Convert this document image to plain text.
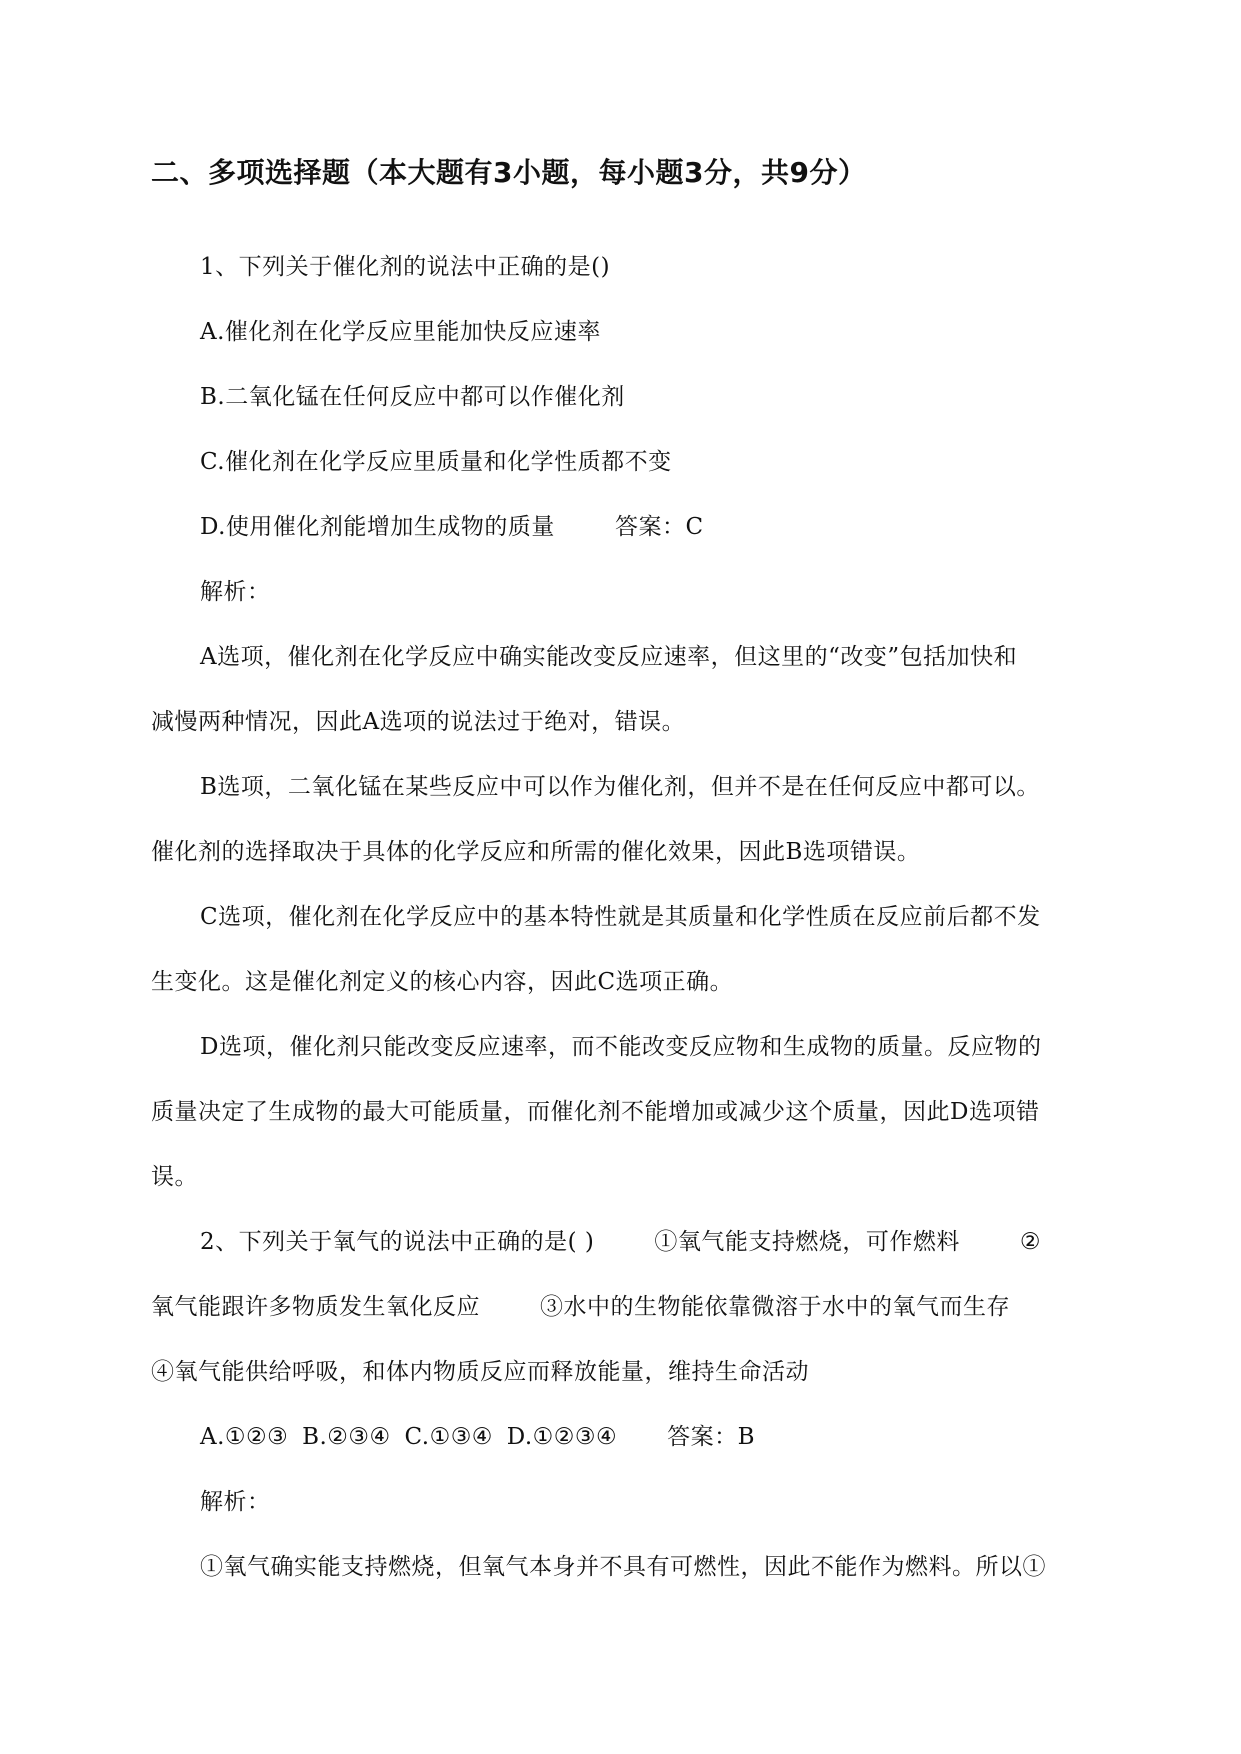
二、多项选择题（本大题有3小题，每小题3分，共9分）

1、下列关于催化剂的说法中正确的是()

A.催化剂在化学反应里能加快反应速率

B.二氧化锰在任何反应中都可以作催化剂

C.催化剂在化学反应里质量和化学性质都不变

D.使用催化剂能增加生成物的质量	答案：C

解析：

A选项，催化剂在化学反应中确实能改变反应速率，但这里的“改变”包括加快和

减慢两种情况，因此A选项的说法过于绝对，错误。

B选项，二氧化锰在某些反应中可以作为催化剂，但并不是在任何反应中都可以。

催化剂的选择取决于具体的化学反应和所需的催化效果，因此B选项错误。

C选项，催化剂在化学反应中的基本特性就是其质量和化学性质在反应前后都不发

生变化。这是催化剂定义的核心内容，因此C选项正确。

D选项，催化剂只能改变反应速率，而不能改变反应物和生成物的质量。反应物的

质量决定了生成物的最大可能质量，而催化剂不能增加或减少这个质量，因此D选项错

误。

2、下列关于氧气的说法中正确的是( )	①氧气能支持燃烧，可作燃料	②

氧气能跟许多物质发生氧化反应	③水中的生物能依靠微溶于水中的氧气而生存

④氧气能供给呼吸，和体内物质反应而释放能量，维持生命活动

A.①②③ B.②③④ C.①③④ D.①②③④ 答案：B

解析：

①氧气确实能支持燃烧，但氧气本身并不具有可燃性，因此不能作为燃料。所以①
